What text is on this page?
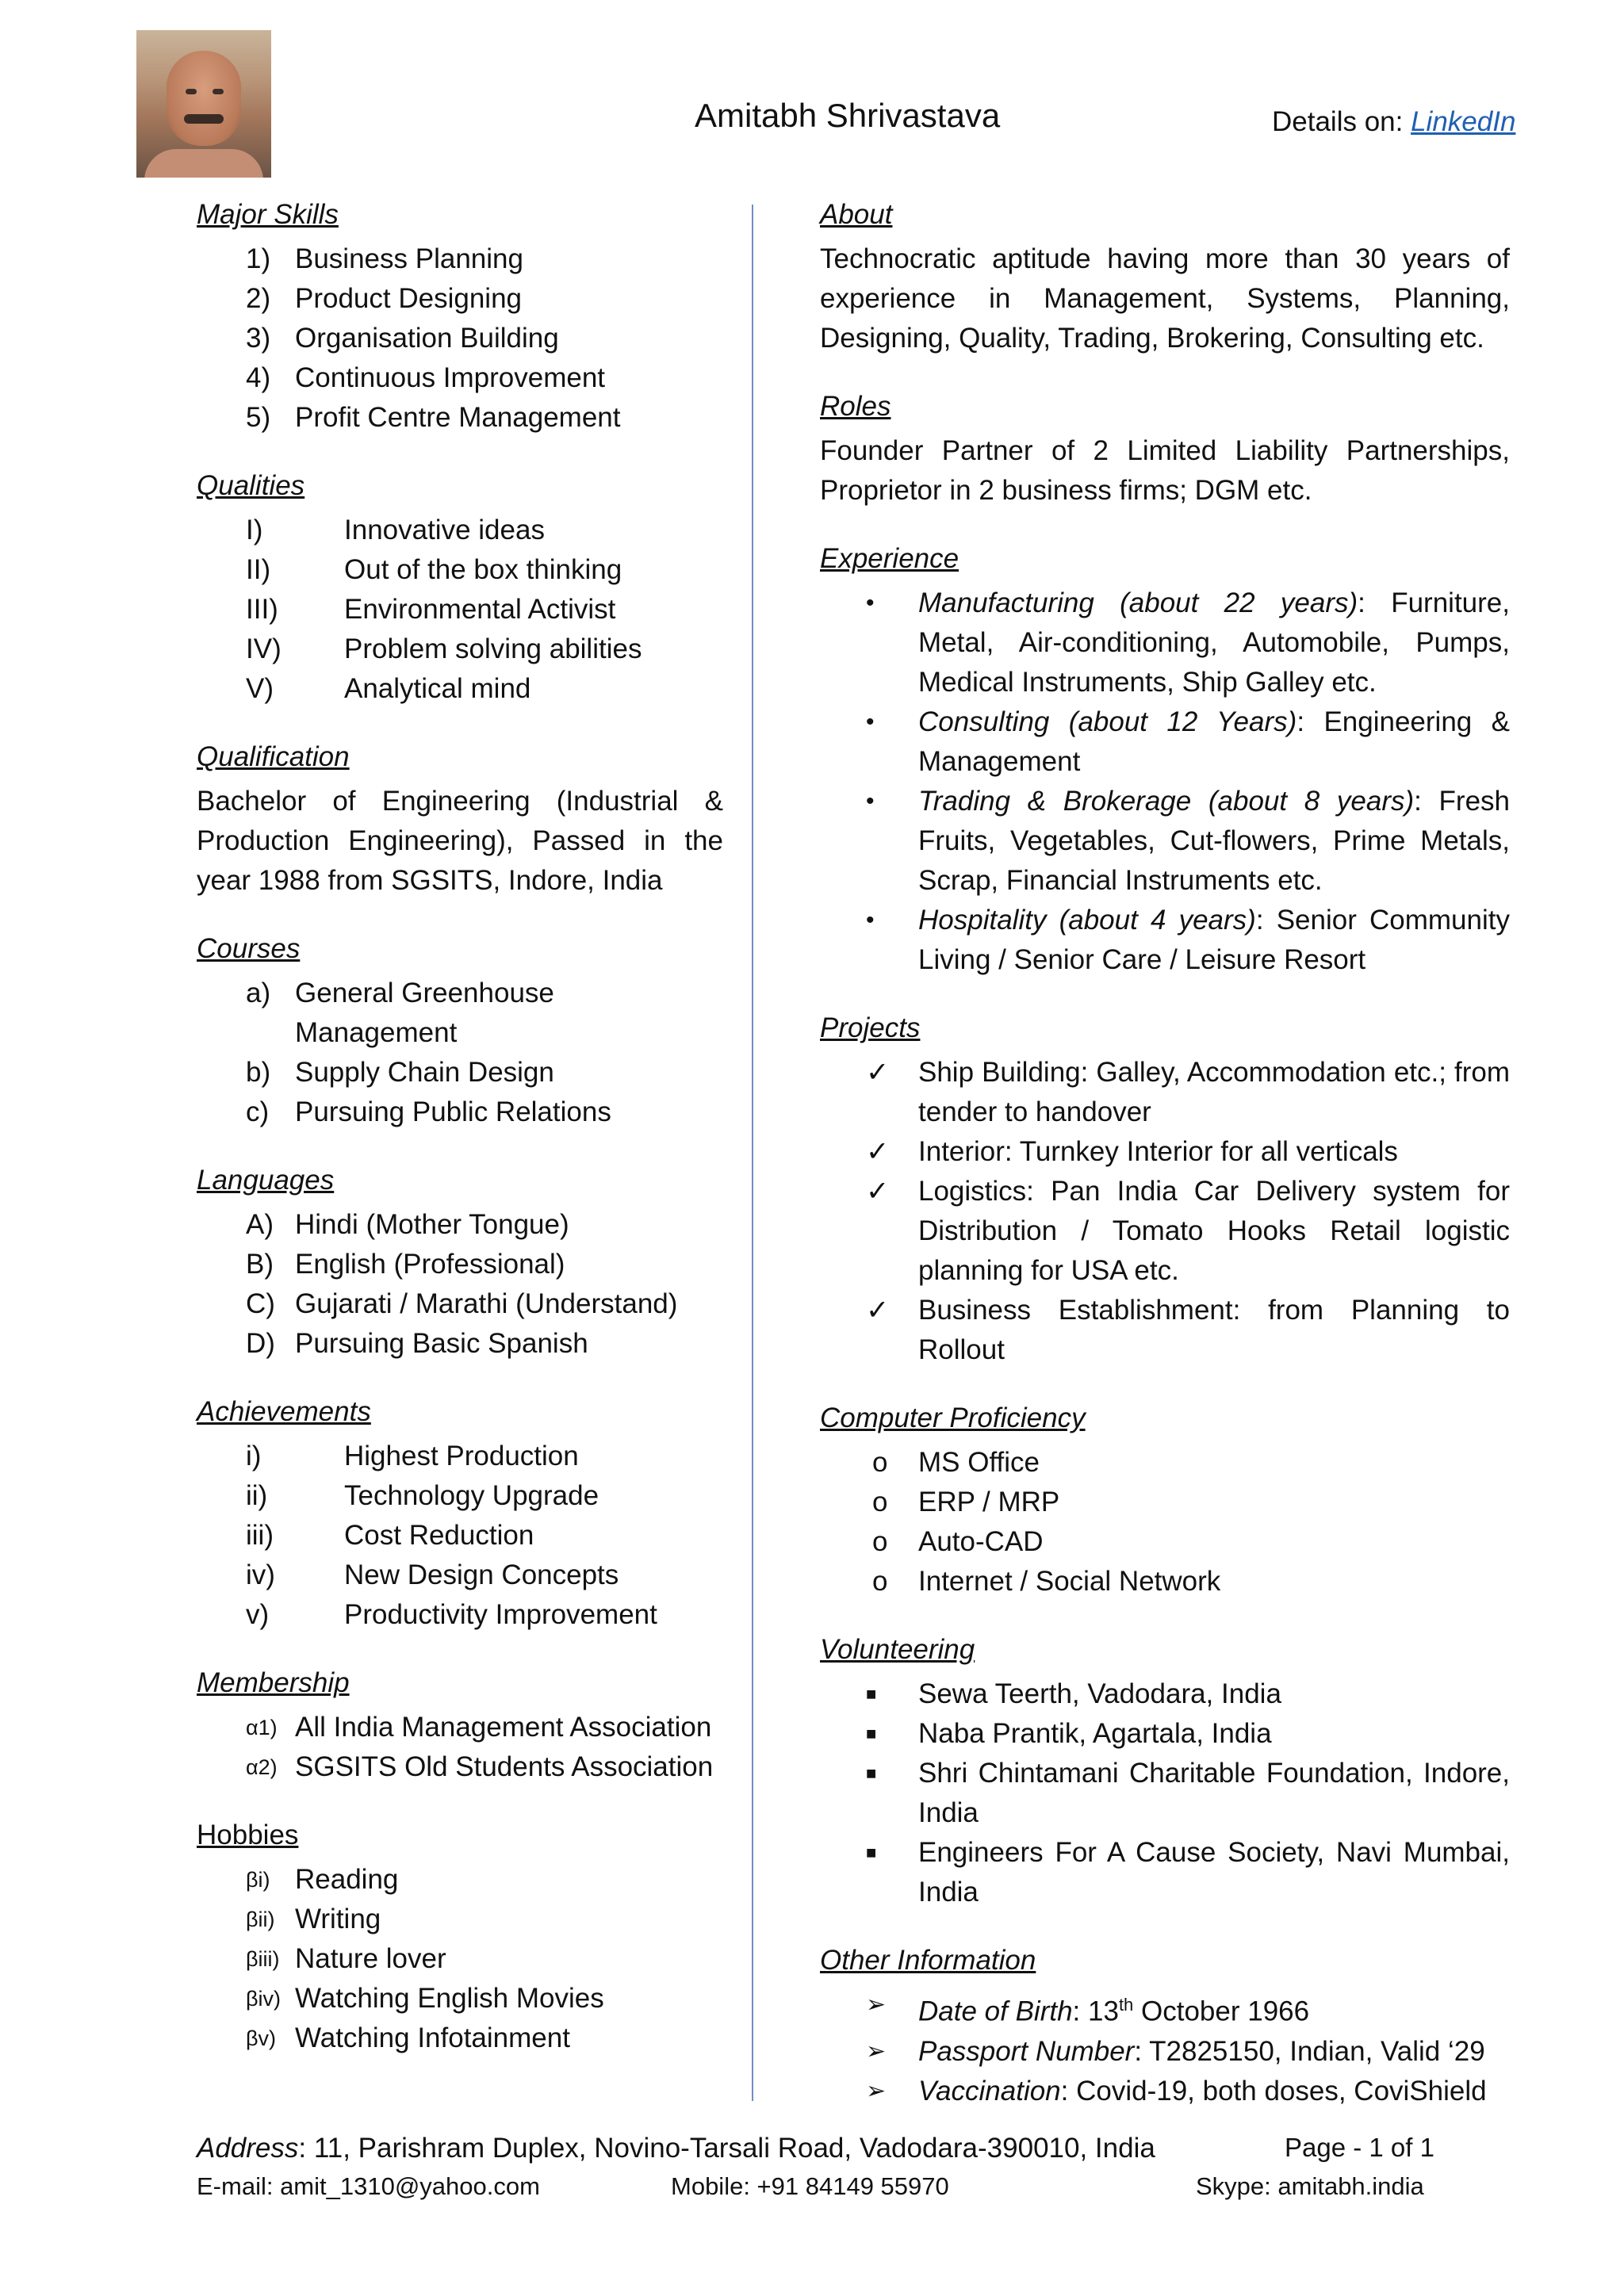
Amitabh Shrivastava	Details on: LinkedIn
Major Skills
1) Business Planning
2) Product Designing
3) Organisation Building
4) Continuous Improvement
5) Profit Centre Management
Qualities
I)	Innovative ideas
II)	Out of the box thinking
III)	Environmental Activist
IV)	Problem solving abilities
V)	Analytical mind
Qualification

Bachelor of Engineering (Industrial & Production Engineering), Passed in the year 1988 from SGSITS, Indore, India

Courses
a) General Greenhouse Management
b) Supply Chain Design
c) Pursuing Public Relations
Languages
A) Hindi (Mother Tongue)
B) English (Professional)
C) Gujarati / Marathi (Understand)
D) Pursuing Basic Spanish
Achievements
i)	Highest Production
ii)	Technology Upgrade
iii)	Cost Reduction
iv)	New Design Concepts
v)	Productivity Improvement
Membership
α1) All India Management Association
α2) SGSITS Old Students Association
Hobbies
βi) Reading
βii) Writing
βiii) Nature lover
βiv) Watching English Movies
βv) Watching Infotainment
About

Technocratic aptitude having more than 30 years of experience in Management, Systems, Planning, Designing, Quality, Trading, Brokering, Consulting etc.

Roles

Founder Partner of 2 Limited Liability Partnerships, Proprietor in 2 business firms; DGM etc.

Experience
•	Manufacturing (about 22 years): Furniture, Metal, Air-conditioning, Automobile, Pumps, Medical Instruments, Ship Galley etc.
•	Consulting (about 12 Years): Engineering & Management
•	Trading & Brokerage (about 8 years): Fresh Fruits, Vegetables, Cut-flowers, Prime Metals, Scrap, Financial Instruments etc.
•	Hospitality (about 4 years): Senior Community Living / Senior Care / Leisure Resort
Projects
✓	Ship Building: Galley, Accommodation etc.; from tender to handover
✓	Interior: Turnkey Interior for all verticals
✓	Logistics: Pan India Car Delivery system for Distribution / Tomato Hooks Retail logistic planning for USA etc.
✓	Business Establishment: from Planning to Rollout
Computer Proficiency
o	MS Office
o	ERP / MRP
o	Auto-CAD
o	Internet / Social Network
Volunteering
■	Sewa Teerth, Vadodara, India
■	Naba Prantik, Agartala, India
■	Shri Chintamani Charitable Foundation, Indore, India
■	Engineers For A Cause Society, Navi Mumbai, India
Other Information
➢	Date of Birth: 13th October 1966
➢	Passport Number: T2825150, Indian, Valid ‘29
➢	Vaccination: Covid-19, both doses, CoviShield
Address: 11, Parishram Duplex, Novino-Tarsali Road, Vadodara-390010, India	Page - 1 of 1
E-mail: amit_1310@yahoo.com	Mobile: +91 84149 55970	Skype: amitabh.india
